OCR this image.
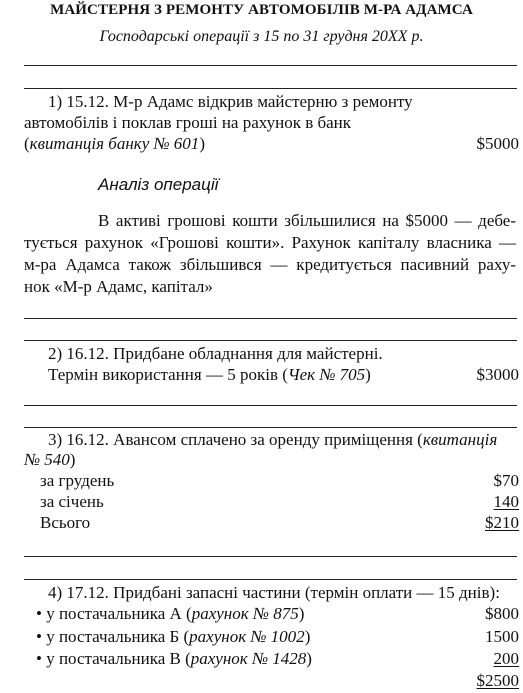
МАЙСТЕРНЯ З РЕМОНТУ АВТОМОБІЛІВ М-РА АДАМСА
Господарські операції з 15 по 31 грудня 20ХХ р.
1) 15.12. М-р Адамс відкрив майстерню з ремонту
автомобілів і поклав гроші на рахунок в банк
(квитанція банку № 601)	$5000
Аналіз операції
В активі грошові кошти збільшилися на $5000 — дебе-
тується рахунок «Грошові кошти». Рахунок капіталу власника —
м-ра Адамса також збільшився — кредитується пасивний раху-
нок «М-р Адамс, капітал»
2) 16.12. Придбане обладнання для майстерні.
Термін використання — 5 років (Чек № 705)	$3000
3) 16.12. Авансом сплачено за оренду приміщення (квитанція
№ 540)
за грудень	$70
за січень	140
Всього	$210
4) 17.12. Придбані запасні частини (термін оплати — 15 днів):
• у постачальника А (рахунок № 875)	$800
• у постачальника Б (рахунок № 1002)	1500
• у постачальника В (рахунок № 1428)	200
$2500
